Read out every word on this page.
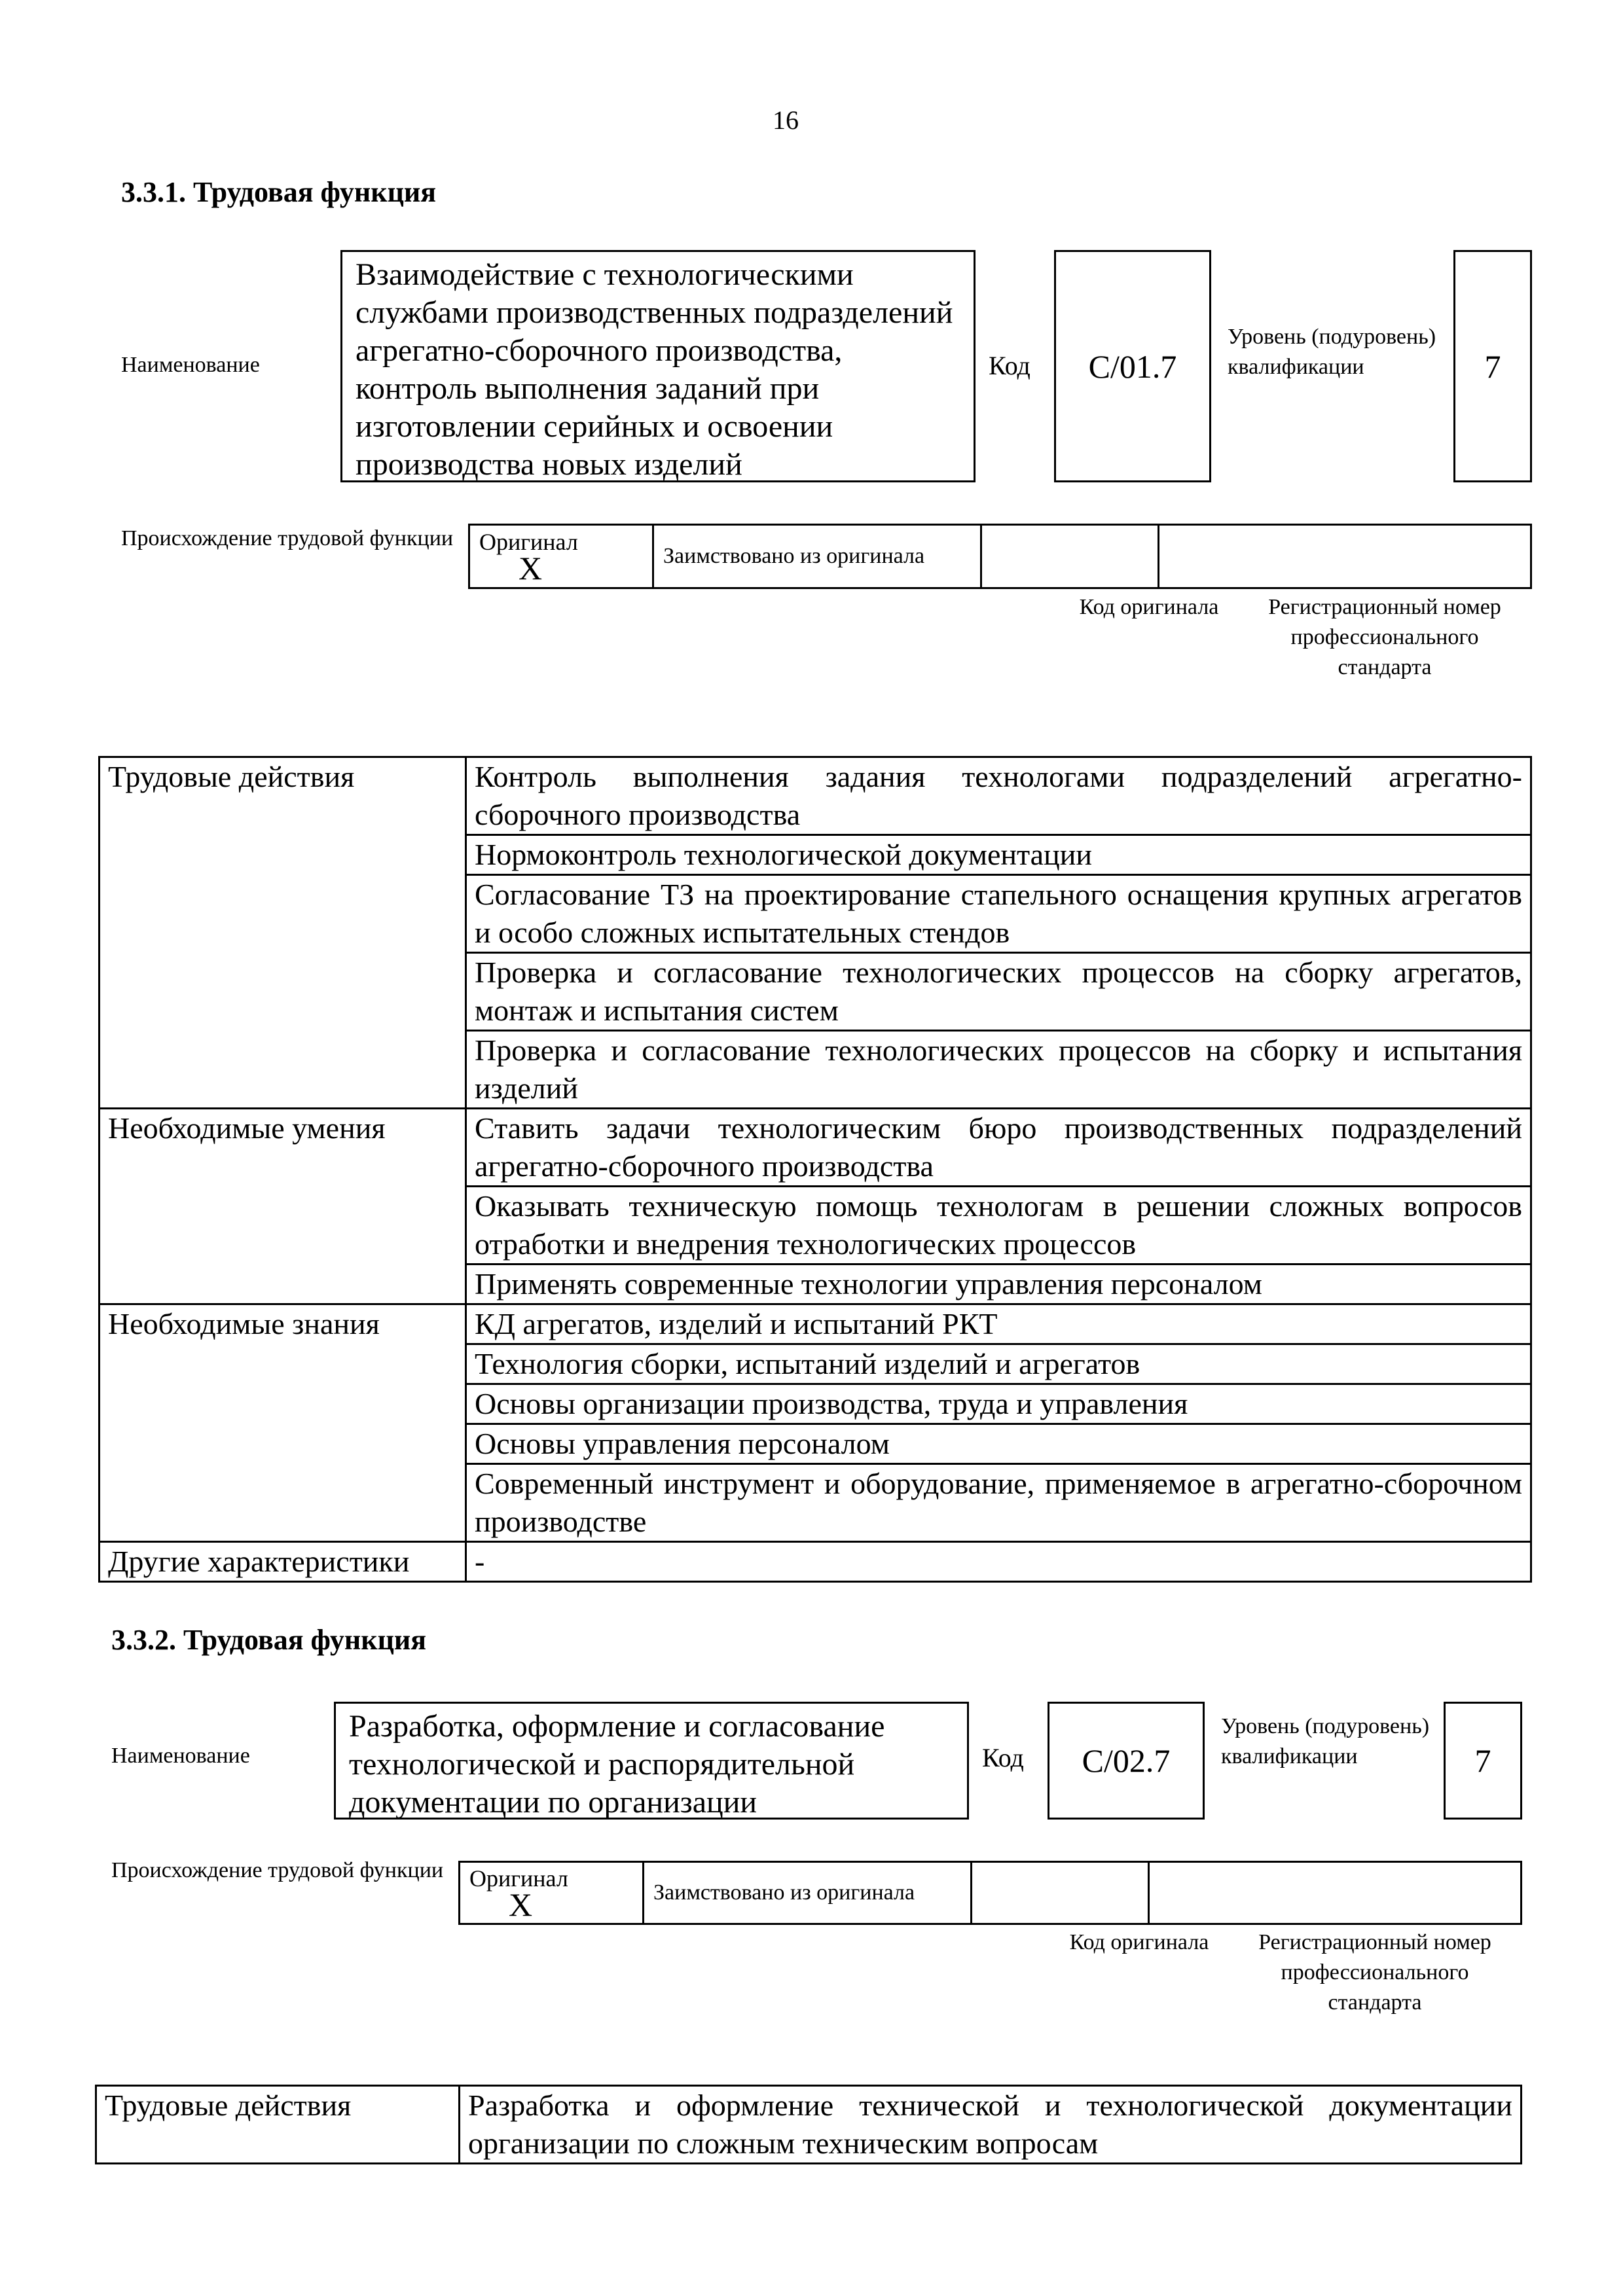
16
3.3.1. Трудовая функция
Наименование
Взаимодействие с технологическими службами производственных подразделений агрегатно-сборочного производства, контроль выполнения заданий при изготовлении серийных и освоении производства новых изделий
Код	С/01.7
Уровень (подуровень) квалификации	7
Происхождение трудовой функции	Оригинал X	Заимствовано из оригинала		
Код оригинала	Регистрационный номер профессионального стандарта
Трудовые действия	Контроль выполнения задания технологами подразделений агрегатно-сборочного производства
	Нормоконтроль технологической документации
	Согласование ТЗ на проектирование стапельного оснащения крупных агрегатов и особо сложных испытательных стендов
	Проверка и согласование технологических процессов на сборку агрегатов, монтаж и испытания систем
	Проверка и согласование технологических процессов на сборку и испытания изделий
Необходимые умения	Ставить задачи технологическим бюро производственных подразделений агрегатно-сборочного производства
	Оказывать техническую помощь технологам в решении сложных вопросов отработки и внедрения технологических процессов
	Применять современные технологии управления персоналом
Необходимые знания	КД агрегатов, изделий и испытаний РКТ
	Технология сборки, испытаний изделий и агрегатов
	Основы организации производства, труда и управления
	Основы управления персоналом
	Современный инструмент и оборудование, применяемое в агрегатно-сборочном производстве
Другие характеристики	-
3.3.2. Трудовая функция
Наименование
Разработка, оформление и согласование технологической и распорядительной документации по организации
Код	С/02.7
Уровень (подуровень) квалификации	7
Происхождение трудовой функции	Оригинал X	Заимствовано из оригинала		
Код оригинала	Регистрационный номер профессионального стандарта
Трудовые действия	Разработка и оформление технической и технологической документации организации по сложным техническим вопросам
